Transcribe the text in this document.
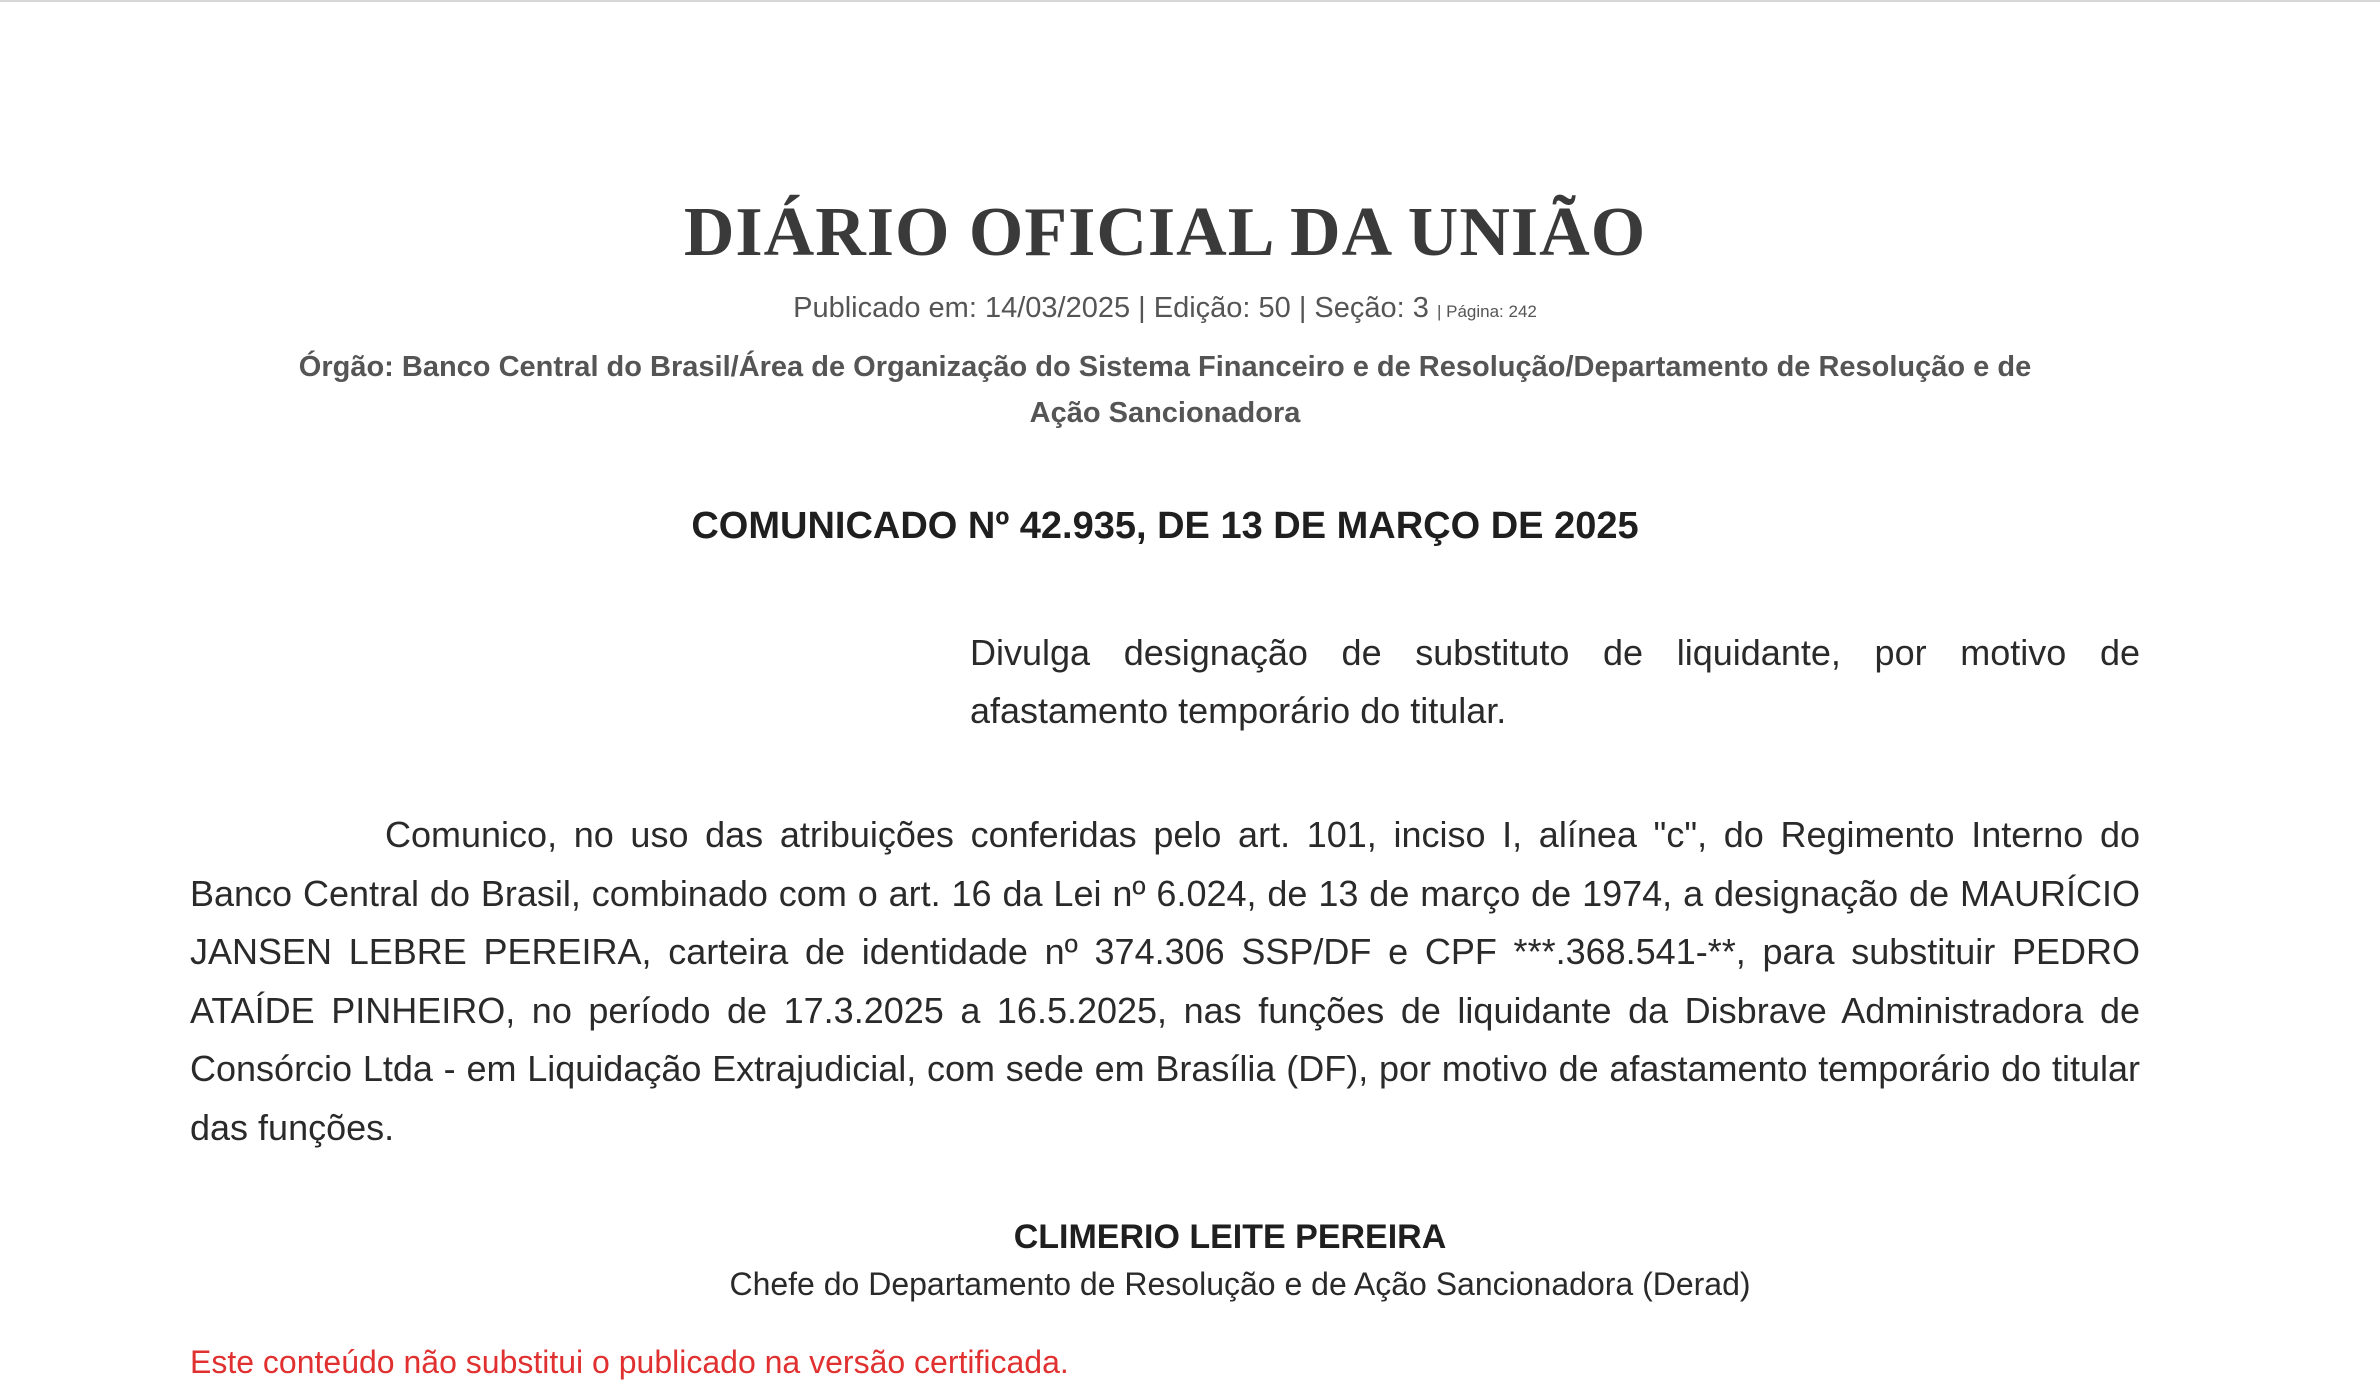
DIÁRIO OFICIAL DA UNIÃO
Publicado em: 14/03/2025 | Edição: 50 | Seção: 3 | Página: 242
Órgão: Banco Central do Brasil/Área de Organização do Sistema Financeiro e de Resolução/Departamento de Resolução e de
Ação Sancionadora
COMUNICADO Nº 42.935, DE 13 DE MARÇO DE 2025
Divulga designação de substituto de liquidante, por motivo de afastamento temporário do titular.
Comunico, no uso das atribuições conferidas pelo art. 101, inciso I, alínea "c", do Regimento Interno do Banco Central do Brasil, combinado com o art. 16 da Lei nº 6.024, de 13 de março de 1974, a designação de MAURÍCIO JANSEN LEBRE PEREIRA, carteira de identidade nº 374.306 SSP/DF e CPF ***.368.541-**, para substituir PEDRO ATAÍDE PINHEIRO, no período de 17.3.2025 a 16.5.2025, nas funções de liquidante da Disbrave Administradora de Consórcio Ltda - em Liquidação Extrajudicial, com sede em Brasília (DF), por motivo de afastamento temporário do titular das funções.
CLIMERIO LEITE PEREIRA
Chefe do Departamento de Resolução e de Ação Sancionadora (Derad)
Este conteúdo não substitui o publicado na versão certificada.
